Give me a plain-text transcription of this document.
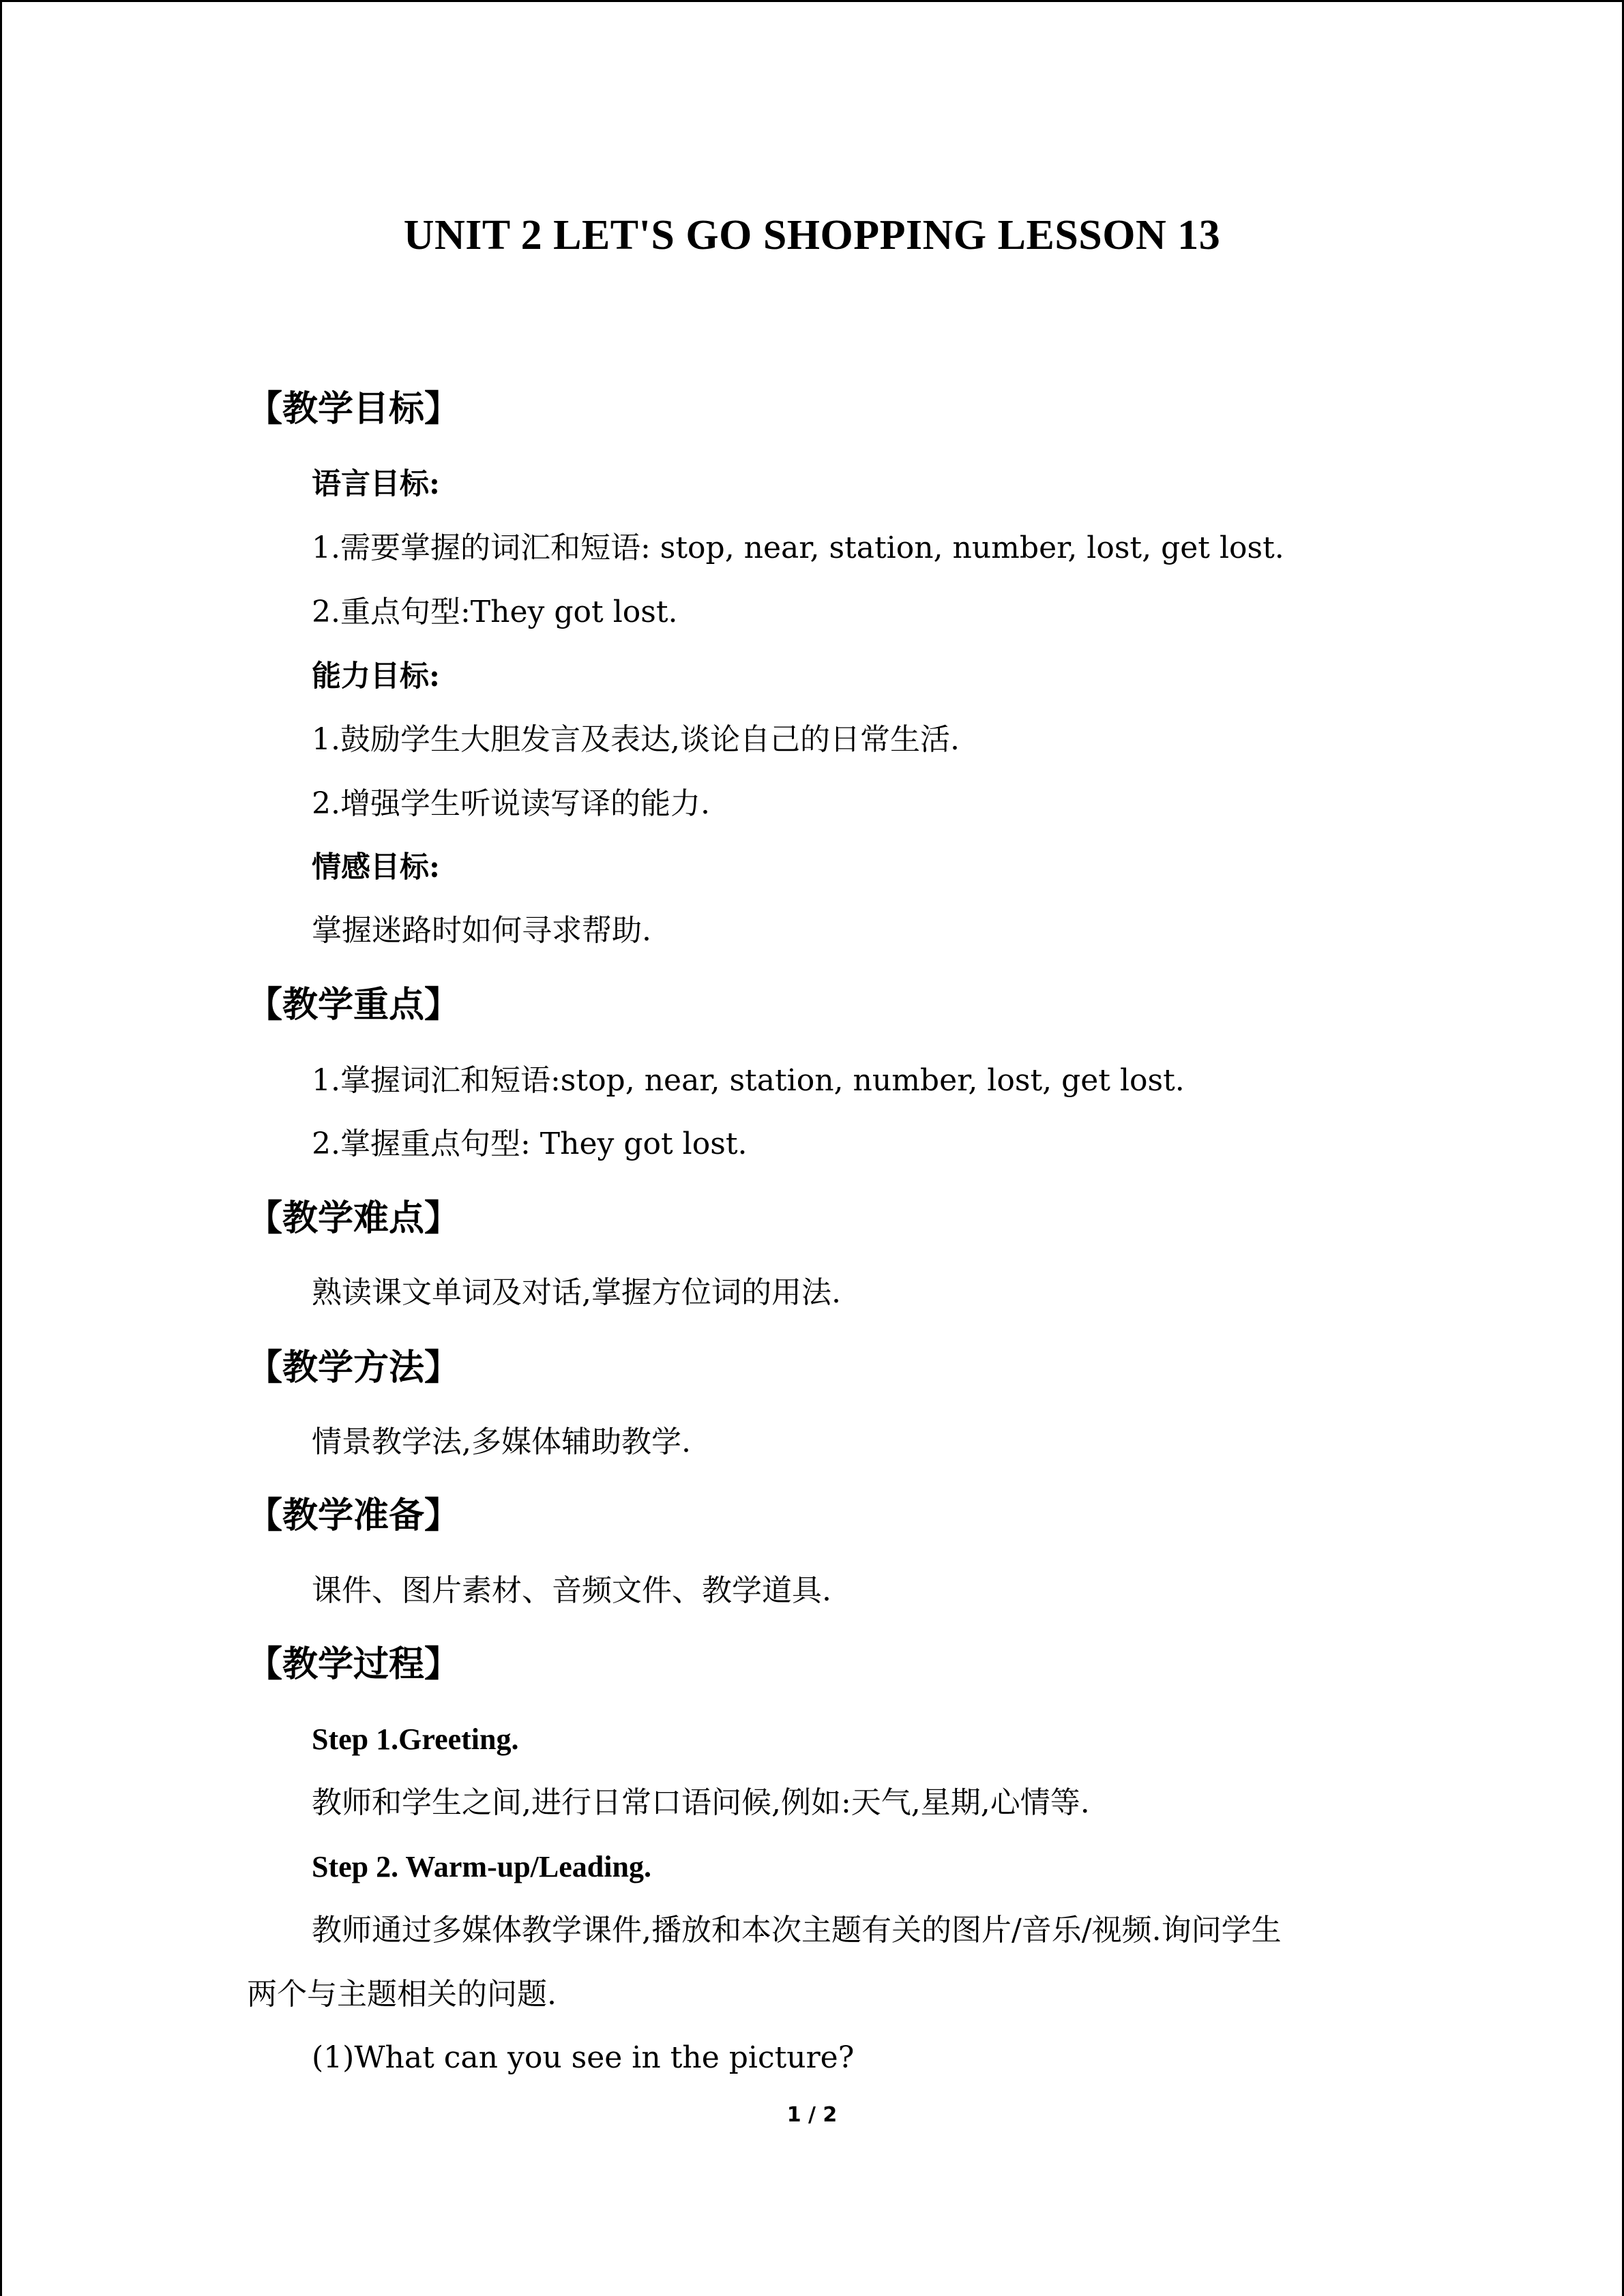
UNIT 2 LET'S GO SHOPPING LESSON 13
【教学目标】
语言目标:
1.需要掌握的词汇和短语: stop, near, station, number, lost, get lost.
2.重点句型:They got lost.
能力目标:
1.鼓励学生大胆发言及表达,谈论自己的日常生活.
2.增强学生听说读写译的能力.
情感目标:
掌握迷路时如何寻求帮助.
【教学重点】
1.掌握词汇和短语:stop, near, station, number, lost, get lost.
2.掌握重点句型: They got lost.
【教学难点】
熟读课文单词及对话,掌握方位词的用法.
【教学方法】
情景教学法,多媒体辅助教学.
【教学准备】
课件、图片素材、音频文件、教学道具.
【教学过程】
Step 1.Greeting.
教师和学生之间,进行日常口语问候,例如:天气,星期,心情等.
Step 2. Warm-up/Leading.
教师通过多媒体教学课件,播放和本次主题有关的图片/音乐/视频.询问学生
两个与主题相关的问题.
(1)What can you see in the picture?
1 / 2
